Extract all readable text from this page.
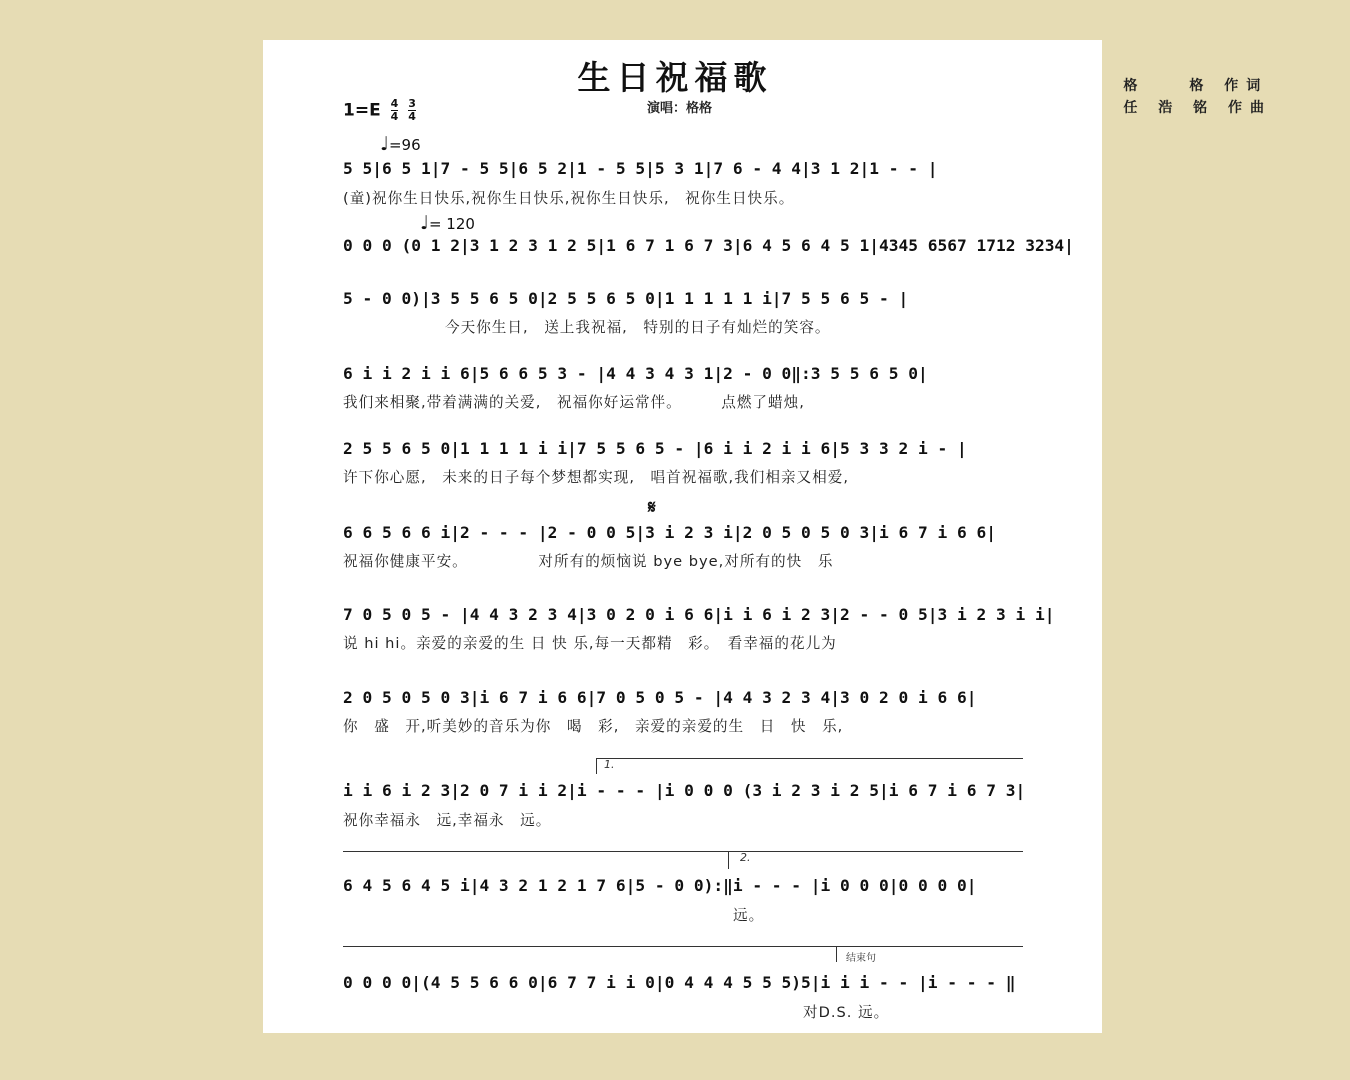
生日祝福歌	格　　格 作词
任 浩 铭 作曲
演唱：格格
$1=E \frac{4}{4}$
$\frac{3}{4}$
♩=96
♩= 120
5 5|6 5 1|7 - 5 5|6 5 2|1 - 5 5|5 3 1|7 6 - 4 4|3 1 2|1 - - |
(童)祝你生日快乐,祝你生日快乐,祝你生日快乐,　祝你生日快乐。
0 0 0 (0 1 2|3 1 2 3 1 2 5|1 6 7 1 6 7 3|6 4 5 6 4 5 1|4345 6567 1712 3234|
5 - 0 0)|3 5 5 6 5 0|2 5 5 6 5 0|1 1 1 1 1 i|7 5 5 6 5 - |
今天你生日,　送上我祝福,　特别的日子有灿烂的笑容。
6 i i 2 i i 6|5 6 6 5 3 - |4 4 3 4 3 1|2 - 0 0‖:3 5 5 6 5 0|
我们来相聚,带着满满的关爱,　祝福你好运常伴。　　　点燃了蜡烛,
2 5 5 6 5 0|1 1 1 1 i i|7 5 5 6 5 - |6 i i 2 i i 6|5 3 3 2 i - |
许下你心愿,　未来的日子每个梦想都实现,　唱首祝福歌,我们相亲又相爱,
𝄋
6 6 5 6 6 i|2 - - - |2 - 0 0 5|3 i 2 3 i|2 0 5 0 5 0 3|i 6 7 i 6 6|
祝福你健康平安。　　　　　对所有的烦恼说 bye bye,对所有的快　乐
7 0 5 0 5 - |4 4 3 2 3 4|3 0 2 0 i 6 6|i i 6 i 2 3|2 - - 0 5|3 i 2 3 i i|
说 hi hi。亲爱的亲爱的生 日 快 乐,每一天都精　彩。　看幸福的花儿为
2 0 5 0 5 0 3|i 6 7 i 6 6|7 0 5 0 5 - |4 4 3 2 3 4|3 0 2 0 i 6 6|
你　盛　开,听美妙的音乐为你　喝　彩,　亲爱的亲爱的生　日　快　乐,
1.
i i 6 i 2 3|2 0 7 i i 2|i - - - |i 0 0 0 (3 i 2 3 i 2 5|i 6 7 i 6 7 3|
祝你幸福永　远,幸福永　远。
2.
6 4 5 6 4 5 i|4 3 2 1 2 1 7 6|5 - 0 0):‖i - - - |i 0 0 0|0 0 0 0|
远。
结束句
0 0 0 0|(4 5 5 6 6 0|6 7 7 i i 0|0 4 4 4 5 5 5)5|i i i - - |i - - - ‖
对D.S. 远。
